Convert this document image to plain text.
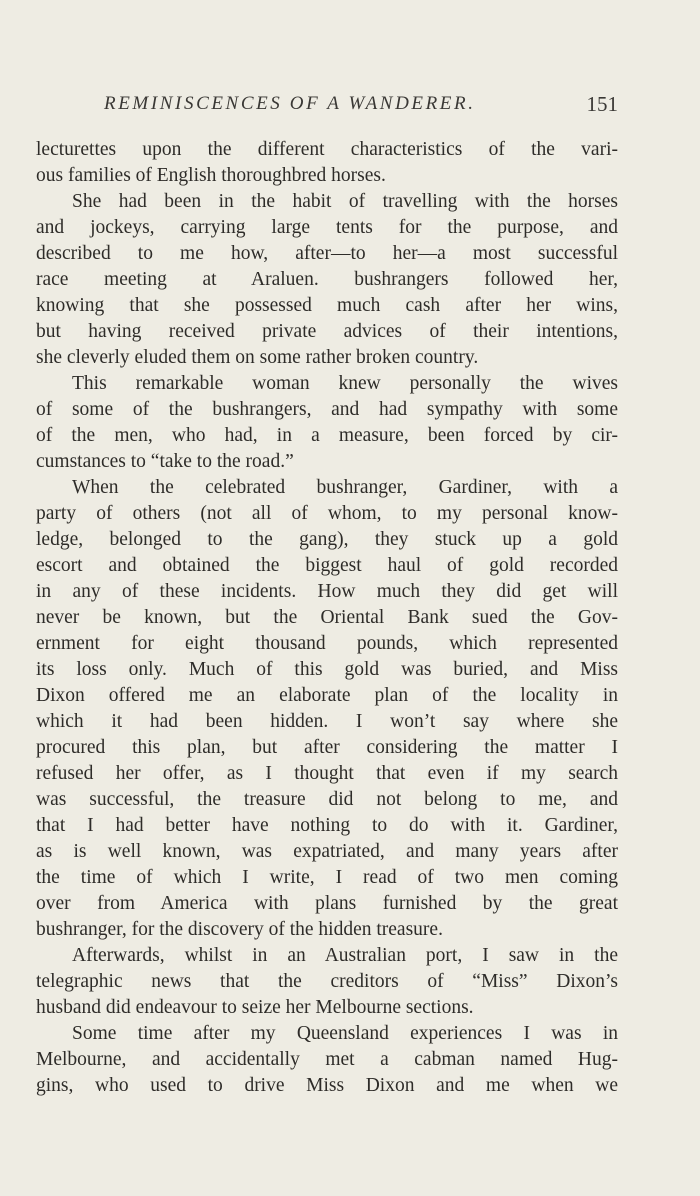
REMINISCENCES OF A WANDERER.	151
lecturettes upon the different characteristics of the vari-
ous families of English thoroughbred horses.
She had been in the habit of travelling with the horses
and jockeys, carrying large tents for the purpose, and
described to me how, after—to her—a most successful
race meeting at Araluen. bushrangers followed her,
knowing that she possessed much cash after her wins,
but having received private advices of their intentions,
she cleverly eluded them on some rather broken country.
This remarkable woman knew personally the wives
of some of the bushrangers, and had sympathy with some
of the men, who had, in a measure, been forced by cir-
cumstances to “take to the road.”
When the celebrated bushranger, Gardiner, with a
party of others (not all of whom, to my personal know-
ledge, belonged to the gang), they stuck up a gold
escort and obtained the biggest haul of gold recorded
in any of these incidents. How much they did get will
never be known, but the Oriental Bank sued the Gov-
ernment for eight thousand pounds, which represented
its loss only. Much of this gold was buried, and Miss
Dixon offered me an elaborate plan of the locality in
which it had been hidden. I won’t say where she
procured this plan, but after considering the matter I
refused her offer, as I thought that even if my search
was successful, the treasure did not belong to me, and
that I had better have nothing to do with it. Gardiner,
as is well known, was expatriated, and many years after
the time of which I write, I read of two men coming
over from America with plans furnished by the great
bushranger, for the discovery of the hidden treasure.
Afterwards, whilst in an Australian port, I saw in the
telegraphic news that the creditors of “Miss” Dixon’s
husband did endeavour to seize her Melbourne sections.
Some time after my Queensland experiences I was in
Melbourne, and accidentally met a cabman named Hug-
gins, who used to drive Miss Dixon and me when we
